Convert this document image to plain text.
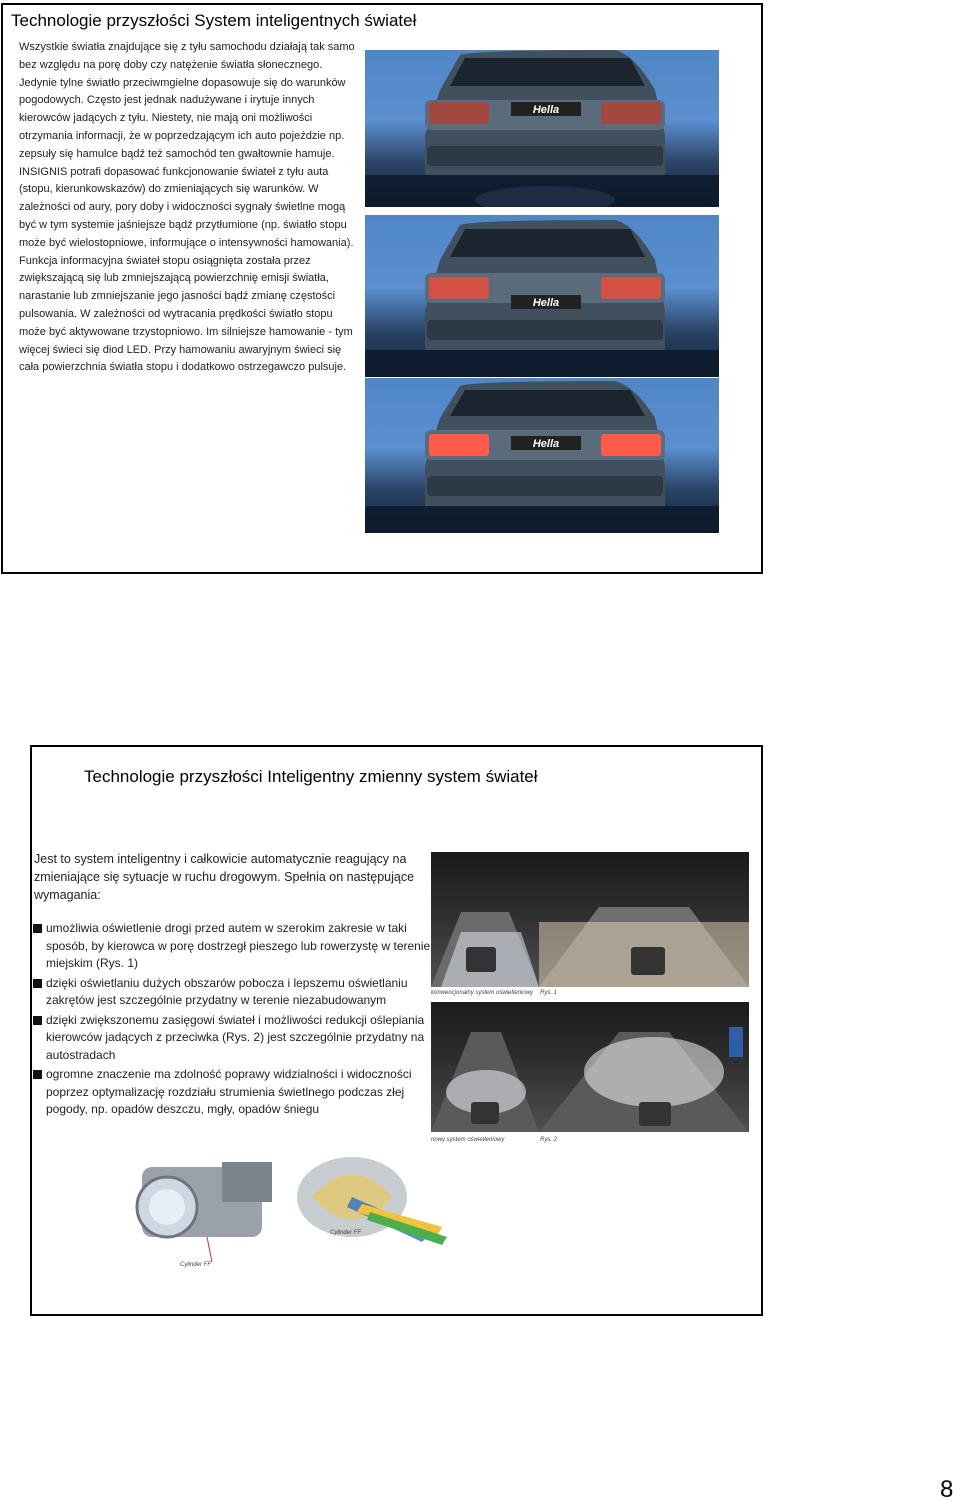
Technologie przyszłości System inteligentnych świateł
Wszystkie światła znajdujące się z tyłu samochodu działają tak samo bez względu na porę doby czy natężenie światła słonecznego. Jedynie tylne światło przeciwmgielne dopasowuje się do warunków pogodowych. Często jest jednak nadużywane i irytuje innych kierowców jadących z tyłu. Niestety, nie mają oni możliwości otrzymania informacji, że w poprzedzającym ich auto pojeździe np. zepsuły się hamulce bądź też samochód ten gwałtownie hamuje. INSIGNIS potrafi dopasować funkcjonowanie świateł z tyłu auta (stopu, kierunkowskazów) do zmieniających się warunków. W zależności od aury, pory doby i widoczności sygnały świetlne mogą być w tym systemie jaśniejsze bądź przytłumione (np. światło stopu może być wielostopniowe, informujące o intensywności hamowania). Funkcja informacyjna świateł stopu osiągnięta została przez zwiększającą się lub zmniejszającą powierzchnię emisji światła, narastanie lub zmniejszanie jego jasności bądź zmianę częstości pulsowania. W zależności od wytracania prędkości światło stopu może być aktywowane trzystopniowo. Im silniejsze hamowanie - tym więcej świeci się diod LED. Przy hamowaniu awaryjnym świeci się cała powierzchnia światła stopu i dodatkowo ostrzegawczo pulsuje.
Hella
Hella
Hella
Technologie przyszłości Inteligentny zmienny system świateł
Jest to system inteligentny i całkowicie automatycznie reagujący na zmieniające się sytuacje w ruchu drogowym. Spełnia on następujące wymagania:
umożliwia oświetlenie drogi przed autem w szerokim zakresie w taki sposób, by kierowca w porę dostrzegł pieszego lub rowerzystę w terenie miejskim (Rys. 1)
dzięki oświetlaniu dużych obszarów pobocza i lepszemu oświetlaniu zakrętów jest szczególnie przydatny w terenie niezabudowanym
dzięki zwiększonemu zasięgowi świateł i możliwości redukcji oślepiania kierowców jadących z przeciwka (Rys. 2) jest szczególnie przydatny na autostradach
ogromne znaczenie ma zdolność poprawy widzialności i widoczności poprzez optymalizację rozdziału strumienia świetlnego podczas złej pogody, np. opadów deszczu, mgły, opadów śniegu
konwencjonalny system oświetleniowy Rys. 1
nowy system oświetleniowy	Rys. 2
Cylinder FF
Cylinder FF
8
